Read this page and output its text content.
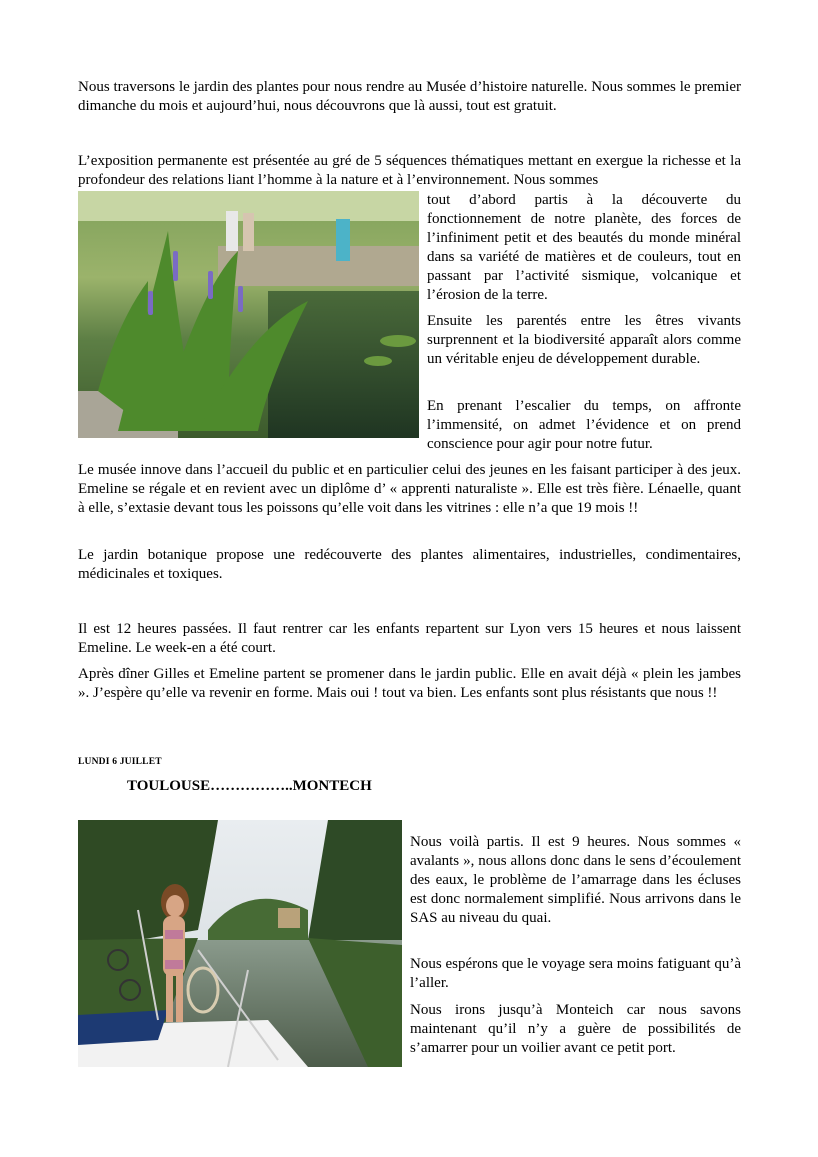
Nous traversons le jardin des plantes pour nous rendre au Musée d’histoire naturelle. Nous sommes le premier dimanche du mois et aujourd’hui, nous découvrons que là aussi, tout est gratuit.

L’exposition permanente est présentée au gré de 5 séquences thématiques mettant en exergue la richesse et la profondeur des relations liant l’homme à la nature et à l’environnement. Nous sommes

tout d’abord partis à la découverte du fonctionnement de notre planète, des forces de l’infiniment petit et des beautés du monde minéral dans sa variété de matières et de couleurs, tout en passant par l’activité sismique, volcanique et l’érosion de la terre.

Ensuite les parentés entre les êtres vivants surprennent et la biodiversité apparaît alors comme un véritable enjeu de développement durable.

En prenant l’escalier du temps, on affronte l’immensité, on admet l’évidence et on prend conscience pour agir pour notre futur.

Le musée innove dans l’accueil du public et en particulier celui des jeunes en les faisant participer à des jeux. Emeline se régale et en revient avec un diplôme d’ « apprenti naturaliste ». Elle est très fière. Lénaelle, quant à elle, s’extasie devant tous les poissons qu’elle voit dans les vitrines : elle n’a que 19 mois !!

Le jardin botanique propose une redécouverte des plantes alimentaires, industrielles, condimentaires, médicinales et toxiques.

Il est 12 heures passées. Il faut rentrer car les enfants repartent sur Lyon vers 15 heures et nous laissent Emeline. Le week-en a été court.

Après dîner Gilles et Emeline partent se promener dans le jardin public. Elle en avait déjà « plein les jambes ». J’espère qu’elle va revenir en forme. Mais oui ! tout va bien. Les enfants sont plus résistants que nous !!

LUNDI 6 JUILLET

TOULOUSE……………..MONTECH

Nous voilà partis. Il est 9 heures. Nous sommes « avalants », nous allons donc dans le sens d’écoulement des eaux, le problème de l’amarrage dans les écluses est donc normalement simplifié. Nous arrivons dans le SAS au niveau du quai.

Nous espérons que le voyage sera moins fatiguant qu’à l’aller.

Nous irons jusqu’à Monteich car nous savons maintenant qu’il n’y a guère de possibilités de s’amarrer pour un voilier avant ce petit port.
